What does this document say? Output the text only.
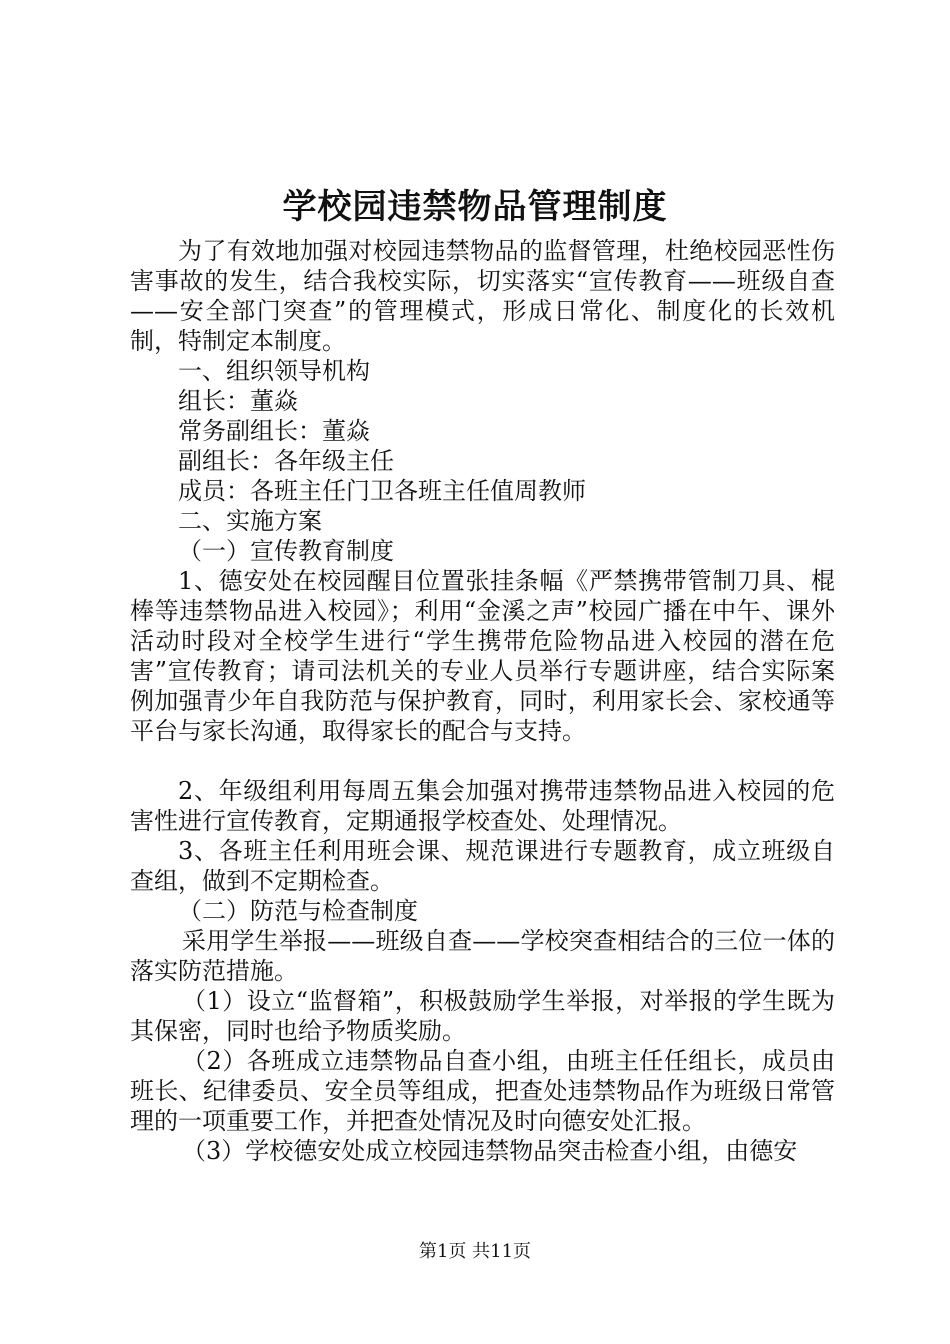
学校园违禁物品管理制度

为了有效地加强对校园违禁物品的监督管理，杜绝校园恶性伤害事故的发生，结合我校实际，切实落实“宣传教育——班级自查——安全部门突查”的管理模式，形成日常化、制度化的长效机制，特制定本制度。

一、组织领导机构

组长：董焱

常务副组长：董焱

副组长：各年级主任

成员：各班主任门卫各班主任值周教师

二、实施方案

（一）宣传教育制度

1、德安处在校园醒目位置张挂条幅《严禁携带管制刀具、棍棒等违禁物品进入校园》；利用“金溪之声”校园广播在中午、课外活动时段对全校学生进行“学生携带危险物品进入校园的潜在危害”宣传教育；请司法机关的专业人员举行专题讲座，结合实际案例加强青少年自我防范与保护教育，同时，利用家长会、家校通等平台与家长沟通，取得家长的配合与支持。

2、年级组利用每周五集会加强对携带违禁物品进入校园的危害性进行宣传教育，定期通报学校查处、处理情况。

3、各班主任利用班会课、规范课进行专题教育，成立班级自查组，做到不定期检查。

（二）防范与检查制度

采用学生举报——班级自查——学校突查相结合的三位一体的落实防范措施。

（1）设立“监督箱”，积极鼓励学生举报，对举报的学生既为其保密，同时也给予物质奖励。

（2）各班成立违禁物品自查小组，由班主任任组长，成员由班长、纪律委员、安全员等组成，把查处违禁物品作为班级日常管理的一项重要工作，并把查处情况及时向德安处汇报。

（3）学校德安处成立校园违禁物品突击检查小组，由德安

第1页 共11页
